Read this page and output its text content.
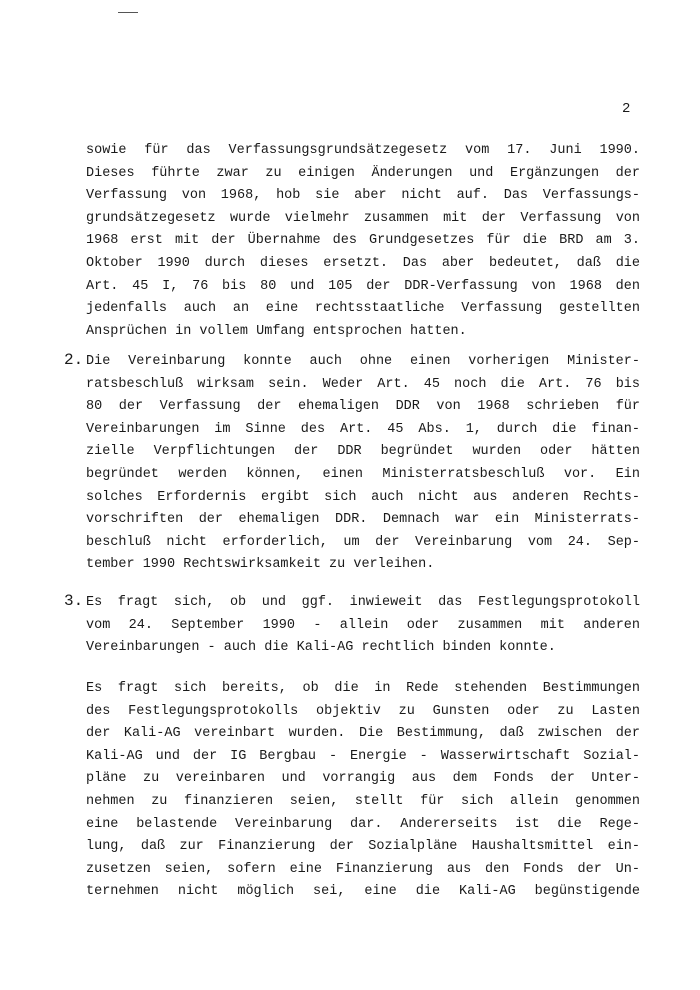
2
sowie für das Verfassungsgrundsätzegesetz vom 17. Juni 1990.
Dieses führte zwar zu einigen Änderungen und Ergänzungen der
Verfassung von 1968, hob sie aber nicht auf. Das Verfassungs-
grundsätzegesetz wurde vielmehr zusammen mit der Verfassung von
1968 erst mit der Übernahme des Grundgesetzes für die BRD am 3.
Oktober 1990 durch dieses ersetzt. Das aber bedeutet, daß die
Art. 45 I, 76 bis 80 und 105 der DDR-Verfassung von 1968 den
jedenfalls auch an eine rechtsstaatliche Verfassung gestellten
Ansprüchen in vollem Umfang entsprochen hatten.
2. Die Vereinbarung konnte auch ohne einen vorherigen Minister-
ratsbeschluß wirksam sein. Weder Art. 45 noch die Art. 76 bis
80 der Verfassung der ehemaligen DDR von 1968 schrieben für
Vereinbarungen im Sinne des Art. 45 Abs. 1, durch die finan-
zielle Verpflichtungen der DDR begründet wurden oder hätten
begründet werden können, einen Ministerratsbeschluß vor. Ein
solches Erfordernis ergibt sich auch nicht aus anderen Rechts-
vorschriften der ehemaligen DDR. Demnach war ein Ministerrats-
beschluß nicht erforderlich, um der Vereinbarung vom 24. Sep-
tember 1990 Rechtswirksamkeit zu verleihen.
3. Es fragt sich, ob und ggf. inwieweit das Festlegungsprotokoll
vom 24. September 1990 - allein oder zusammen mit anderen
Vereinbarungen - auch die Kali-AG rechtlich binden konnte.
Es fragt sich bereits, ob die in Rede stehenden Bestimmungen
des Festlegungsprotokolls objektiv zu Gunsten oder zu Lasten
der Kali-AG vereinbart wurden. Die Bestimmung, daß zwischen der
Kali-AG und der IG Bergbau - Energie - Wasserwirtschaft Sozial-
pläne zu vereinbaren und vorrangig aus dem Fonds der Unter-
nehmen zu finanzieren seien, stellt für sich allein genommen
eine belastende Vereinbarung dar. Andererseits ist die Rege-
lung, daß zur Finanzierung der Sozialpläne Haushaltsmittel ein-
zusetzen seien, sofern eine Finanzierung aus den Fonds der Un-
ternehmen nicht möglich sei, eine die Kali-AG begünstigende
